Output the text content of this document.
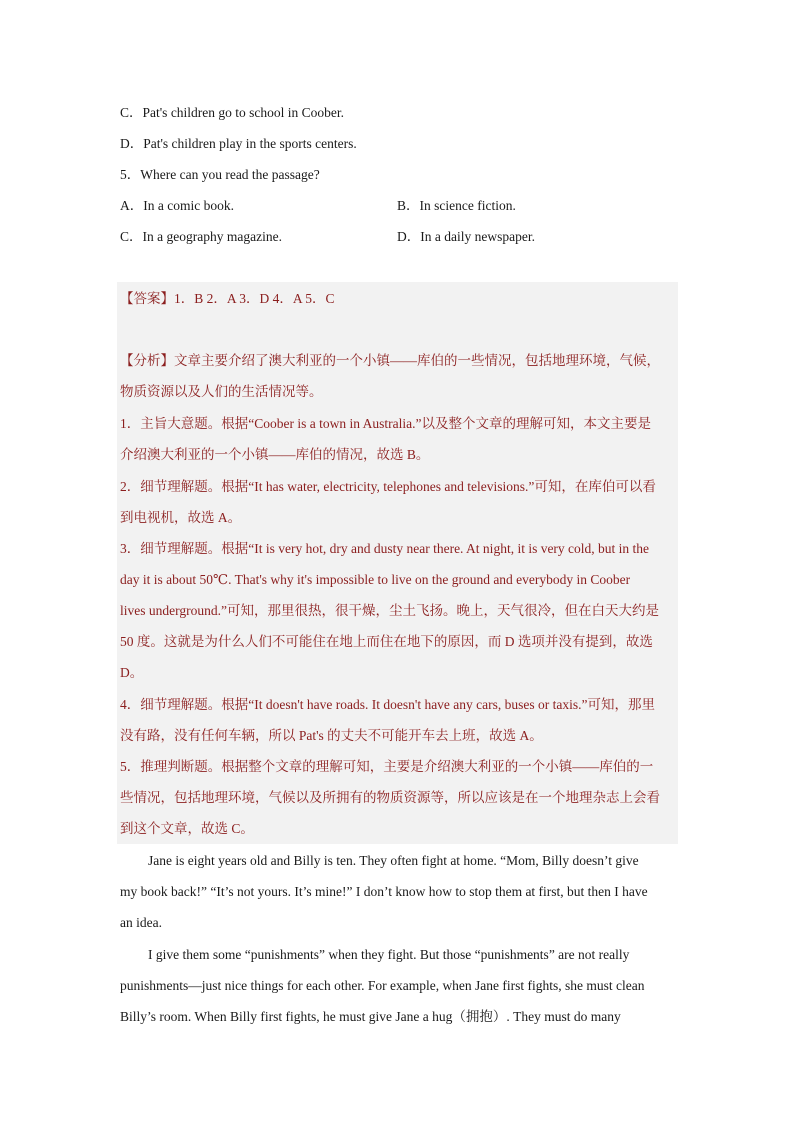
C．Pat's children go to school in Coober.
D．Pat's children play in the sports centers.
5．Where can you read the passage?
A．In a comic book.	B．In science fiction.
C．In a geography magazine.	D．In a daily newspaper.
【答案】1．B 2．A 3．D 4．A 5．C
【分析】文章主要介绍了澳大利亚的一个小镇——库伯的一些情况，包括地理环境，气候，
物质资源以及人们的生活情况等。
1．主旨大意题。根据“Coober is a town in Australia.”以及整个文章的理解可知，本文主要是
介绍澳大利亚的一个小镇——库伯的情况，故选 B。
2．细节理解题。根据“It has water, electricity, telephones and televisions.”可知，在库伯可以看
到电视机，故选 A。
3．细节理解题。根据“It is very hot, dry and dusty near there. At night, it is very cold, but in the
day it is about 50℃. That's why it's impossible to live on the ground and everybody in Coober
lives underground.”可知，那里很热，很干燥，尘土飞扬。晚上，天气很冷，但在白天大约是
50 度。这就是为什么人们不可能住在地上而住在地下的原因，而 D 选项并没有提到，故选
D。
4．细节理解题。根据“It doesn't have roads. It doesn't have any cars, buses or taxis.”可知，那里
没有路，没有任何车辆，所以 Pat's 的丈夫不可能开车去上班，故选 A。
5．推理判断题。根据整个文章的理解可知，主要是介绍澳大利亚的一个小镇——库伯的一
些情况，包括地理环境，气候以及所拥有的物质资源等，所以应该是在一个地理杂志上会看
到这个文章，故选 C。
Jane is eight years old and Billy is ten. They often fight at home. “Mom, Billy doesn’t give
my book back!” “It’s not yours. It’s mine!” I don’t know how to stop them at first, but then I have
an idea.
I give them some “punishments” when they fight. But those “punishments” are not really
punishments—just nice things for each other. For example, when Jane first fights, she must clean
Billy’s room. When Billy first fights, he must give Jane a hug（拥抱）. They must do many
